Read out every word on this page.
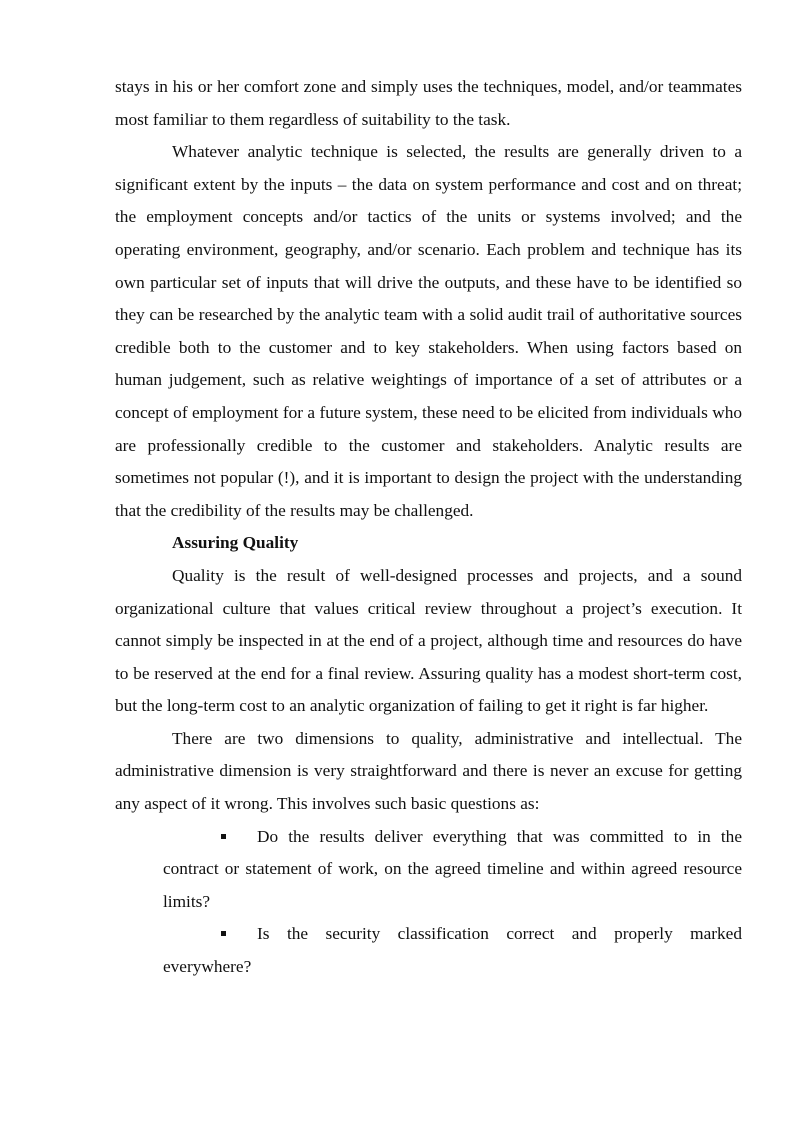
stays in his or her comfort zone and simply uses the techniques, model, and/or teammates most familiar to them regardless of suitability to the task.

Whatever analytic technique is selected, the results are generally driven to a significant extent by the inputs – the data on system performance and cost and on threat; the employment concepts and/or tactics of the units or systems involved; and the operating environment, geography, and/or scenario. Each problem and technique has its own particular set of inputs that will drive the outputs, and these have to be identified so they can be researched by the analytic team with a solid audit trail of authoritative sources credible both to the customer and to key stakeholders. When using factors based on human judgement, such as relative weightings of importance of a set of attributes or a concept of employment for a future system, these need to be elicited from individuals who are professionally credible to the customer and stakeholders. Analytic results are sometimes not popular (!), and it is important to design the project with the understanding that the credibility of the results may be challenged.

Assuring Quality

Quality is the result of well-designed processes and projects, and a sound organizational culture that values critical review throughout a project’s execution. It cannot simply be inspected in at the end of a project, although time and resources do have to be reserved at the end for a final review. Assuring quality has a modest short-term cost, but the long-term cost to an analytic organization of failing to get it right is far higher.

There are two dimensions to quality, administrative and intellectual. The administrative dimension is very straightforward and there is never an excuse for getting any aspect of it wrong. This involves such basic questions as:

Do the results deliver everything that was committed to in the contract or statement of work, on the agreed timeline and within agreed resource limits?
Is the security classification correct and properly marked everywhere?
